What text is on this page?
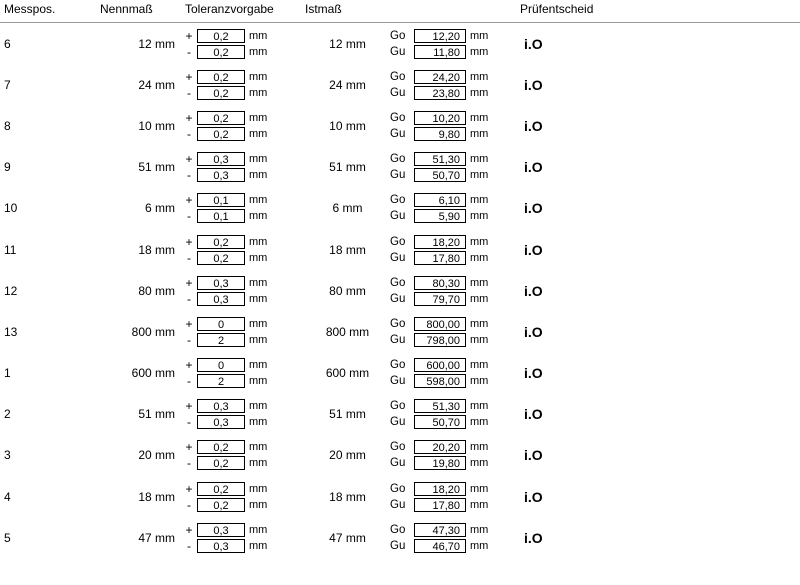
Messpos.	Nennmaß	Toleranzvorgabe	Istmaß	Prüfentscheid
6	12 mm
+	0,2	mm
-	0,2	mm
12 mm
Go	12,20 mm
Gu	11,80 mm	i.O
7	24 mm
+	0,2	mm
-	0,2	mm
24 mm
Go	24,20 mm
Gu	23,80 mm	i.O
8	10 mm
+	0,2	mm
-	0,2	mm
10 mm
Go	10,20 mm
Gu	9,80 mm	i.O
9	51 mm
+	0,3	mm
-	0,3	mm
51 mm
Go	51,30 mm
Gu	50,70 mm	i.O
10	6 mm
+	0,1	mm
-	0,1	mm
6 mm
Go	6,10 mm
Gu	5,90 mm	i.O
11	18 mm
+	0,2	mm
-	0,2	mm
18 mm
Go	18,20 mm
Gu	17,80 mm	i.O
12	80 mm
+	0,3	mm
-	0,3	mm
80 mm
Go	80,30 mm
Gu	79,70 mm	i.O
13	800 mm
+	0	mm
-	2	mm
800 mm
Go	800,00 mm
Gu	798,00 mm	i.O
1	600 mm
+	0	mm
-	2	mm
600 mm
Go	600,00 mm
Gu	598,00 mm	i.O
2	51 mm
+	0,3	mm
-	0,3	mm
51 mm
Go	51,30 mm
Gu	50,70 mm	i.O
3	20 mm
+	0,2	mm
-	0,2	mm
20 mm
Go	20,20 mm
Gu	19,80 mm	i.O
4	18 mm
+	0,2	mm
-	0,2	mm
18 mm
Go	18,20 mm
Gu	17,80 mm	i.O
5	47 mm
+	0,3	mm
-	0,3	mm
47 mm
Go	47,30 mm
Gu	46,70 mm	i.O
